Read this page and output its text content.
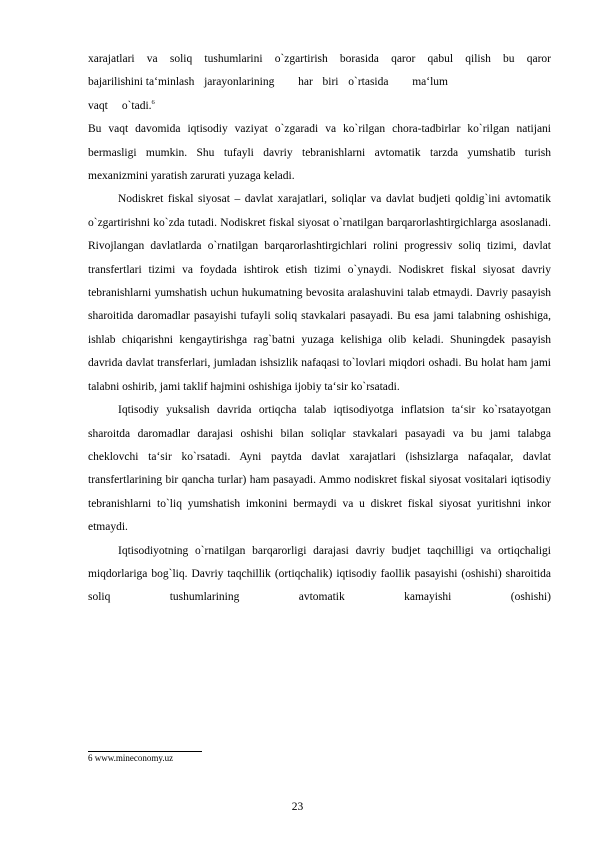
xarajatlari va soliq tushumlarini o`zgartirish borasida qaror qabul qilish bu qaror

bajarilishini ta‘minlash jarayonlarining har biri o`rtasida ma‘lum
vaqt o`tadi.$^6$

Bu vaqt davomida iqtisodiy vaziyat o`zgaradi va ko`rilgan chora-tadbirlar ko`rilgan natijani bermasligi mumkin. Shu tufayli davriy tebranishlarni avtomatik tarzda yumshatib turish mexanizmini yaratish zarurati yuzaga keladi.

Nodiskret fiskal siyosat – davlat xarajatlari, soliqlar va davlat budjeti qoldig`ini avtomatik o`zgartirishni ko`zda tutadi. Nodiskret fiskal siyosat o`rnatilgan barqarorlashtirgichlarga asoslanadi. Rivojlangan davlatlarda o`rnatilgan barqarorlashtirgichlari rolini progressiv soliq tizimi, davlat transfertlari tizimi va foydada ishtirok etish tizimi o`ynaydi. Nodiskret fiskal siyosat davriy tebranishlarni yumshatish uchun hukumatning bevosita aralashuvini talab etmaydi. Davriy pasayish sharoitida daromadlar pasayishi tufayli soliq stavkalari pasayadi. Bu esa jami talabning oshishiga, ishlab chiqarishni kengaytirishga rag`batni yuzaga kelishiga olib keladi. Shuningdek pasayish davrida davlat transferlari, jumladan ishsizlik nafaqasi to`lovlari miqdori oshadi. Bu holat ham jami talabni oshirib, jami taklif hajmini oshishiga ijobiy ta‘sir ko`rsatadi.

Iqtisodiy yuksalish davrida ortiqcha talab iqtisodiyotga inflatsion ta‘sir ko`rsatayotgan sharoitda daromadlar darajasi oshishi bilan soliqlar stavkalari pasayadi va bu jami talabga cheklovchi ta‘sir ko`rsatadi. Ayni paytda davlat xarajatlari (ishsizlarga nafaqalar, davlat transfertlarining bir qancha turlar) ham pasayadi. Ammo nodiskret fiskal siyosat vositalari iqtisodiy tebranishlarni to`liq yumshatish imkonini bermaydi va u diskret fiskal siyosat yuritishni inkor etmaydi.

Iqtisodiyotning o`rnatilgan barqarorligi darajasi davriy budjet taqchilligi va ortiqchaligi miqdorlariga bog`liq. Davriy taqchillik (ortiqchalik) iqtisodiy faollik pasayishi (oshishi) sharoitida soliq tushumlarining avtomatik kamayishi (oshishi)

6 www.mineconomy.uz
23
